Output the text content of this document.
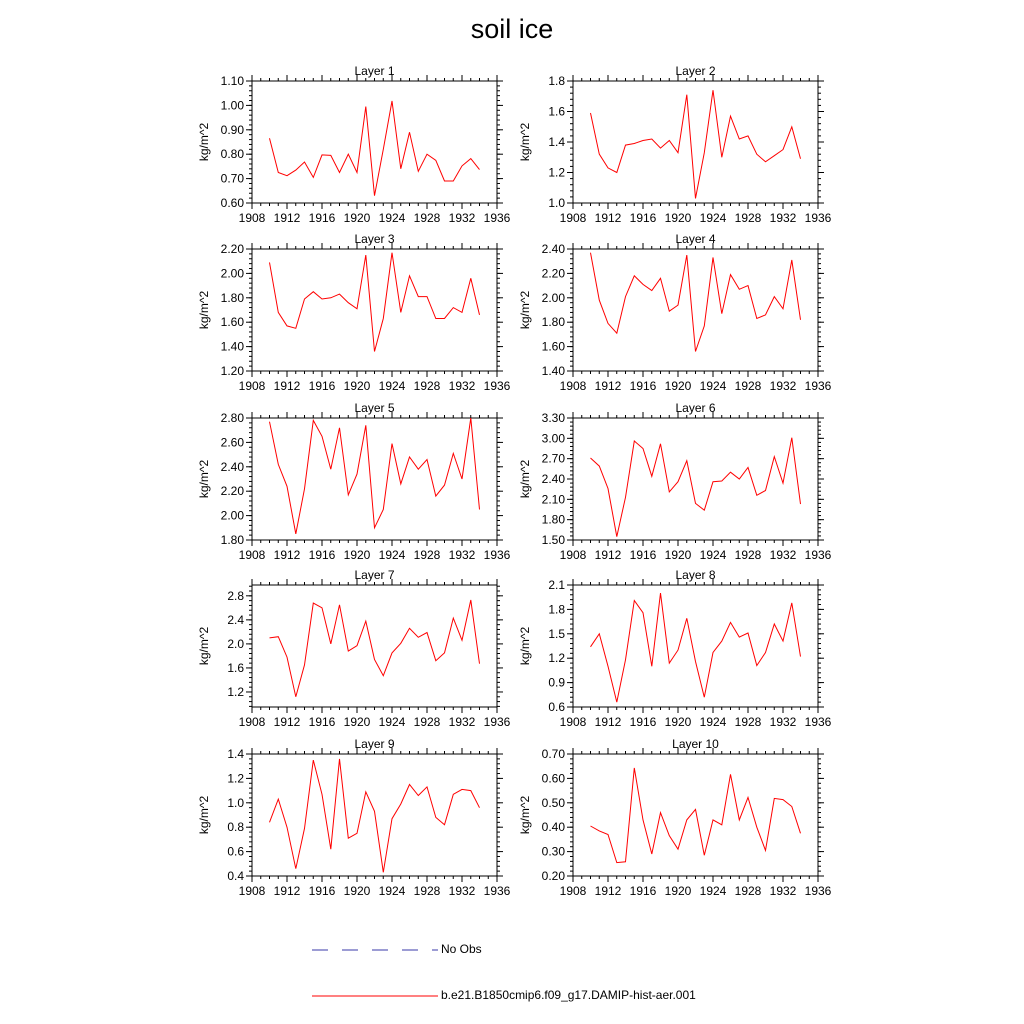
soil ice
Layer 1
1908 1912 1916 1920 1924 1928 1932 1936
0.60
0.70
0.80
0.90
1.00
1.10
kg/m^2
Layer 2
1908 1912 1916 1920 1924 1928 1932 1936
1.0
1.2
1.4
1.6
1.8
kg/m^2
Layer 3
1908 1912 1916 1920 1924 1928 1932 1936
1.20
1.40
1.60
1.80
2.00
2.20
kg/m^2
Layer 4
1908 1912 1916 1920 1924 1928 1932 1936
1.40
1.60
1.80
2.00
2.20
2.40
kg/m^2
Layer 5
1908 1912 1916 1920 1924 1928 1932 1936
1.80
2.00
2.20
2.40
2.60
2.80
kg/m^2
Layer 6
1908 1912 1916 1920 1924 1928 1932 1936
1.50
1.80
2.10
2.40
2.70
3.00
3.30
kg/m^2
Layer 7
1908 1912 1916 1920 1924 1928 1932 1936
1.2
1.6
2.0
2.4
2.8
kg/m^2
Layer 8
1908 1912 1916 1920 1924 1928 1932 1936
0.6
0.9
1.2
1.5
1.8
2.1
kg/m^2
Layer 9
1908 1912 1916 1920 1924 1928 1932 1936
0.4
0.6
0.8
1.0
1.2
1.4
kg/m^2
Layer 10
1908 1912 1916 1920 1924 1928 1932 1936
0.20
0.30
0.40
0.50
0.60
0.70
kg/m^2
No Obs
b.e21.B1850cmip6.f09_g17.DAMIP-hist-aer.001
